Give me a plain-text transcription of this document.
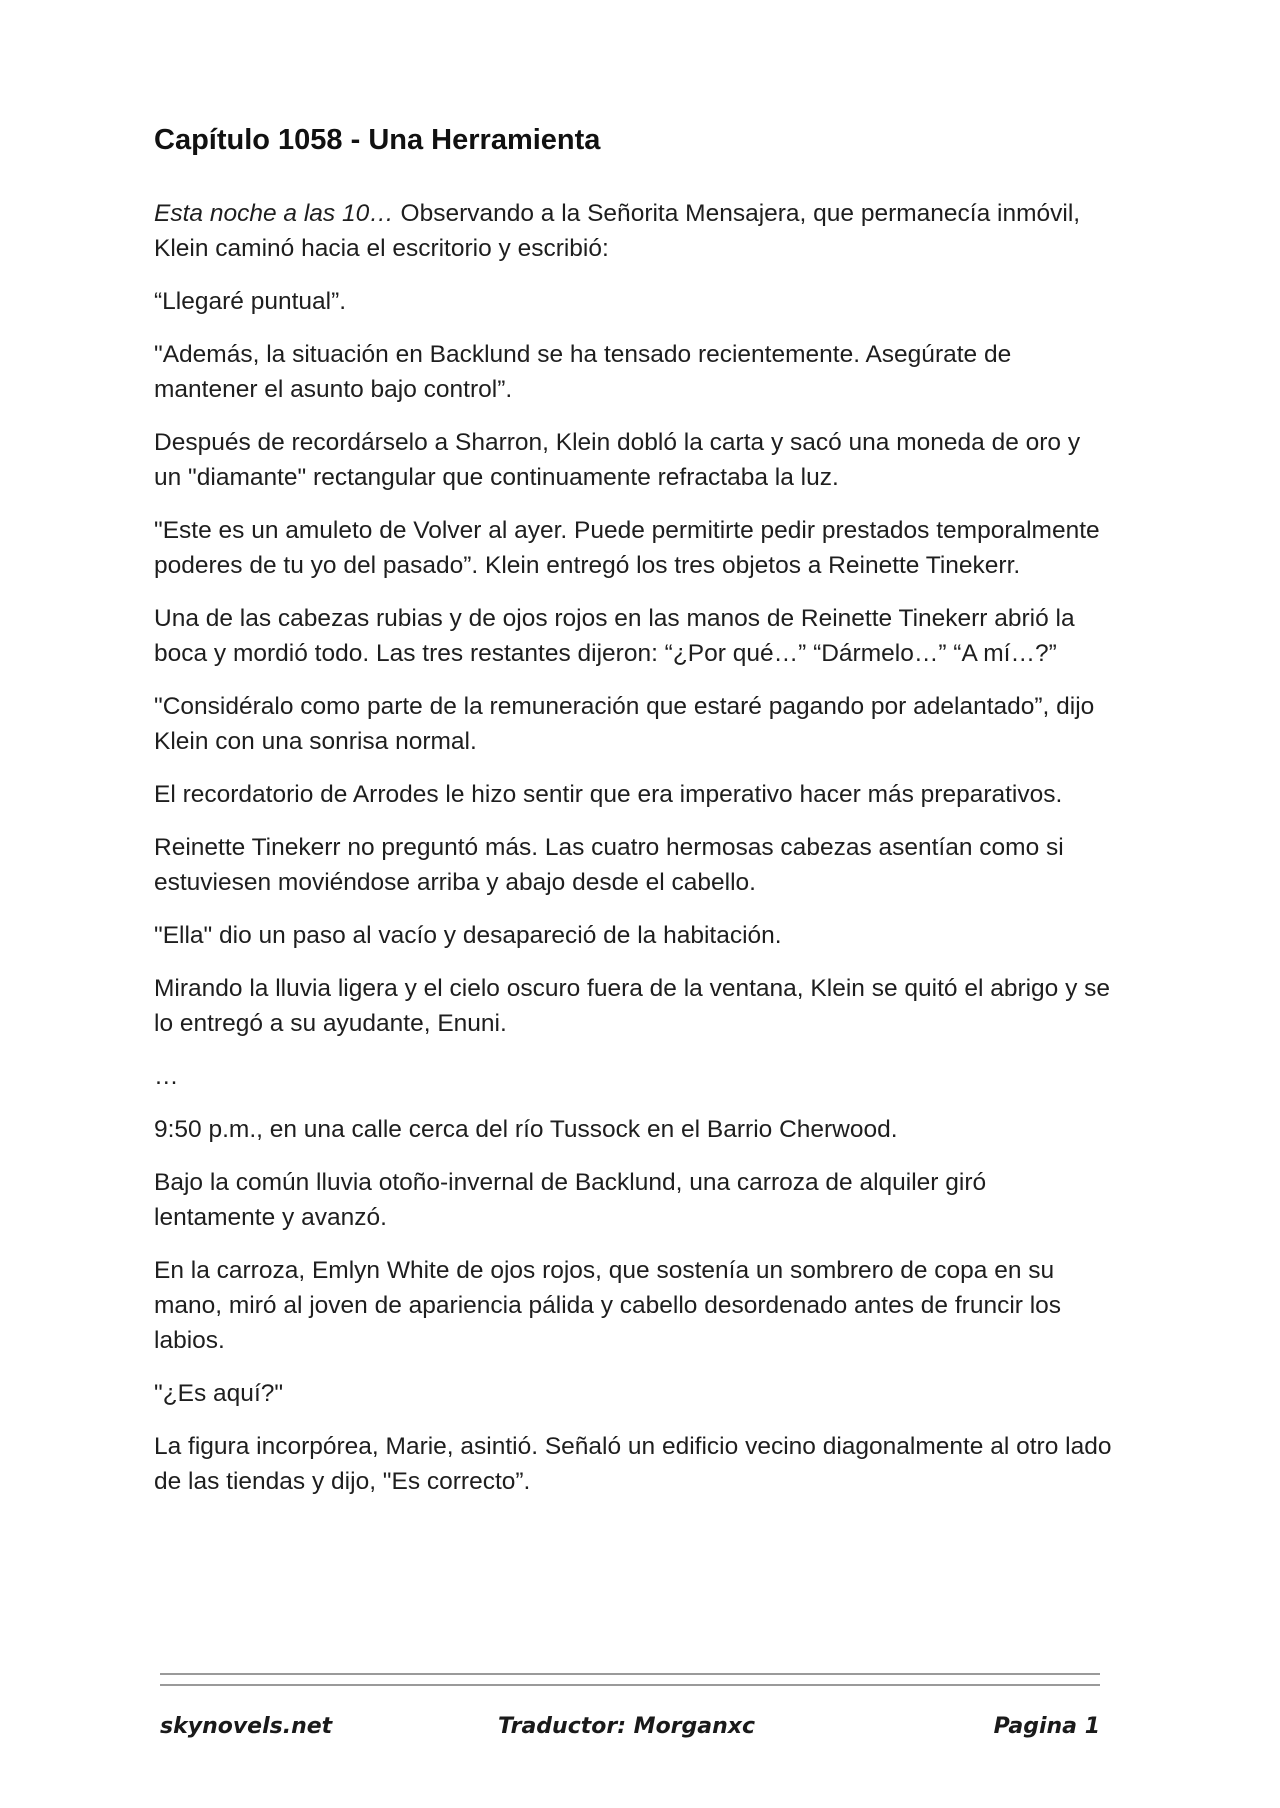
Capítulo 1058 - Una Herramienta

Esta noche a las 10… Observando a la Señorita Mensajera, que permanecía inmóvil, Klein caminó hacia el escritorio y escribió:

“Llegaré puntual”.

"Además, la situación en Backlund se ha tensado recientemente. Asegúrate de mantener el asunto bajo control”.

Después de recordárselo a Sharron, Klein dobló la carta y sacó una moneda de oro y un "diamante" rectangular que continuamente refractaba la luz.

"Este es un amuleto de Volver al ayer. Puede permitirte pedir prestados temporalmente poderes de tu yo del pasado”. Klein entregó los tres objetos a Reinette Tinekerr.

Una de las cabezas rubias y de ojos rojos en las manos de Reinette Tinekerr abrió la boca y mordió todo. Las tres restantes dijeron: “¿Por qué…” “Dármelo…” “A mí…?”

"Considéralo como parte de la remuneración que estaré pagando por adelantado”, dijo Klein con una sonrisa normal.

El recordatorio de Arrodes le hizo sentir que era imperativo hacer más preparativos.

Reinette Tinekerr no preguntó más. Las cuatro hermosas cabezas asentían como si estuviesen moviéndose arriba y abajo desde el cabello.

"Ella" dio un paso al vacío y desapareció de la habitación.

Mirando la lluvia ligera y el cielo oscuro fuera de la ventana, Klein se quitó el abrigo y se lo entregó a su ayudante, Enuni.

…

9:50 p.m., en una calle cerca del río Tussock en el Barrio Cherwood.

Bajo la común lluvia otoño-invernal de Backlund, una carroza de alquiler giró lentamente y avanzó.

En la carroza, Emlyn White de ojos rojos, que sostenía un sombrero de copa en su mano, miró al joven de apariencia pálida y cabello desordenado antes de fruncir los labios.

"¿Es aquí?"

La figura incorpórea, Marie, asintió. Señaló un edificio vecino diagonalmente al otro lado de las tiendas y dijo, "Es correcto”.

skynovels.net	Traductor: Morganxc	Pagina 1
